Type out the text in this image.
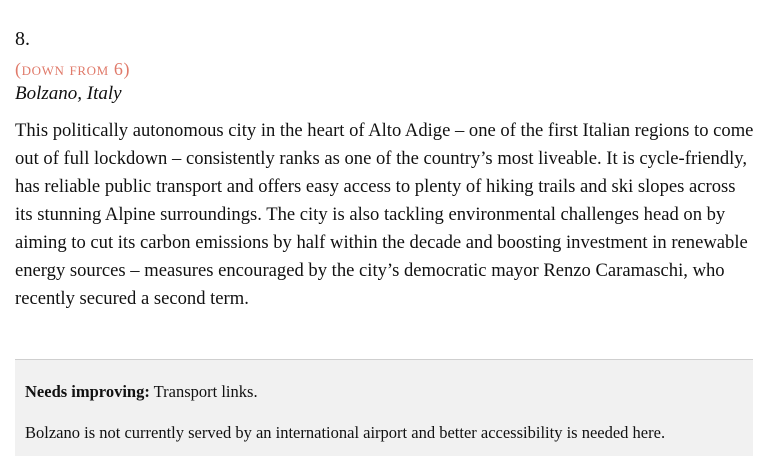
8.
(down from 6)
Bolzano, Italy

This politically autonomous city in the heart of Alto Adige – one of the first Italian regions to come out of full lockdown – consistently ranks as one of the country’s most liveable. It is cycle-friendly, has reliable public transport and offers easy access to plenty of hiking trails and ski slopes across its stunning Alpine surroundings. The city is also tackling environmental challenges head on by aiming to cut its carbon emissions by half within the decade and boosting investment in renewable energy sources – measures encouraged by the city’s democratic mayor Renzo Caramaschi, who recently secured a second term.

Needs improving: Transport links.

Bolzano is not currently served by an international airport and better accessibility is needed here.
